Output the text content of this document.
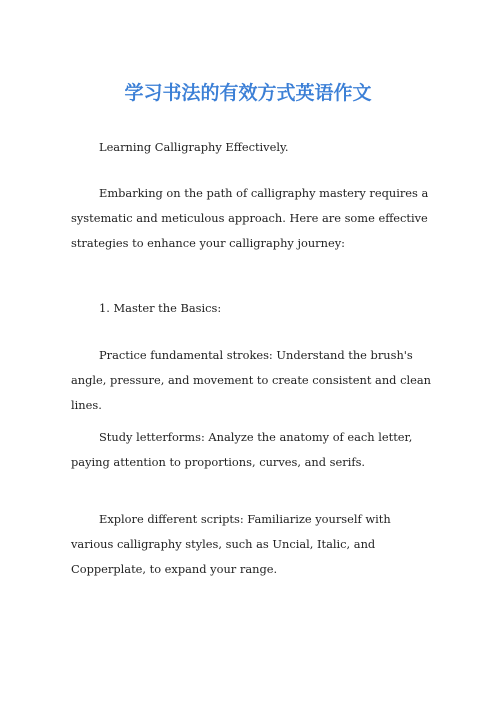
学习书法的有效方式英语作文

Learning Calligraphy Effectively.

Embarking on the path of calligraphy mastery requires a systematic and meticulous approach. Here are some effective strategies to enhance your calligraphy journey:

1. Master the Basics:

Practice fundamental strokes: Understand the brush's angle, pressure, and movement to create consistent and clean lines.

Study letterforms: Analyze the anatomy of each letter, paying attention to proportions, curves, and serifs.

Explore different scripts: Familiarize yourself with various calligraphy styles, such as Uncial, Italic, and Copperplate, to expand your range.
